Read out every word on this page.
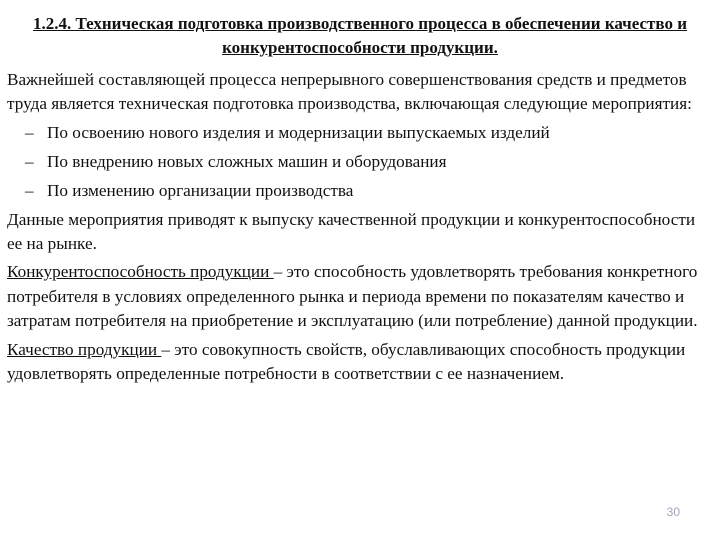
1.2.4. Техническая подготовка производственного процесса в обеспечении качество и конкурентоспособности продукции.

Важнейшей составляющей процесса непрерывного совершенствования средств и предметов труда является техническая подготовка производства, включающая следующие мероприятия:

– По освоению нового изделия и модернизации выпускаемых изделий
– По внедрению новых сложных машин и оборудования
– По изменению организации производства

Данные мероприятия приводят к выпуску качественной продукции и конкурентоспособности ее на рынке.

Конкурентоспособность продукции – это способность удовлетворять требования конкретного потребителя в условиях определенного рынка и периода времени по показателям качество и затратам потребителя на приобретение и эксплуатацию (или потребление) данной продукции.

Качество продукции – это совокупность свойств, обуславливающих способность продукции удовлетворять определенные потребности в соответствии с ее назначением.

30
